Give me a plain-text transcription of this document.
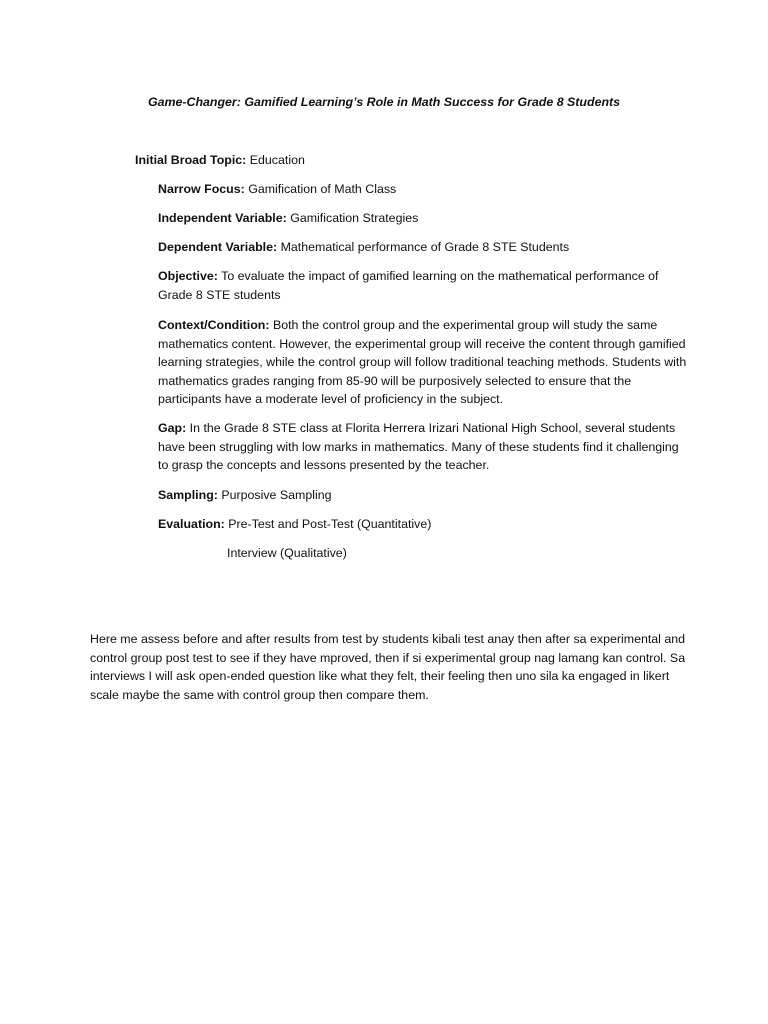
Game-Changer: Gamified Learning’s Role in Math Success for Grade 8 Students
Initial Broad Topic: Education

Narrow Focus: Gamification of Math Class

Independent Variable: Gamification Strategies

Dependent Variable: Mathematical performance of Grade 8 STE Students

Objective: To evaluate the impact of gamified learning on the mathematical performance of Grade 8 STE students

Context/Condition: Both the control group and the experimental group will study the same mathematics content. However, the experimental group will receive the content through gamified learning strategies, while the control group will follow traditional teaching methods. Students with mathematics grades ranging from 85-90 will be purposively selected to ensure that the participants have a moderate level of proficiency in the subject.

Gap: In the Grade 8 STE class at Florita Herrera Irizari National High School, several students have been struggling with low marks in mathematics. Many of these students find it challenging to grasp the concepts and lessons presented by the teacher.

Sampling: Purposive Sampling

Evaluation: Pre-Test and Post-Test (Quantitative)

Interview (Qualitative)

Here me assess before and after results from test by students kibali test anay then after sa experimental and control group post test to see if they have mproved, then if si experimental group nag lamang kan control. Sa interviews I will ask open-ended question like what they felt, their feeling then uno sila ka engaged in likert scale maybe the same with control group then compare them.
